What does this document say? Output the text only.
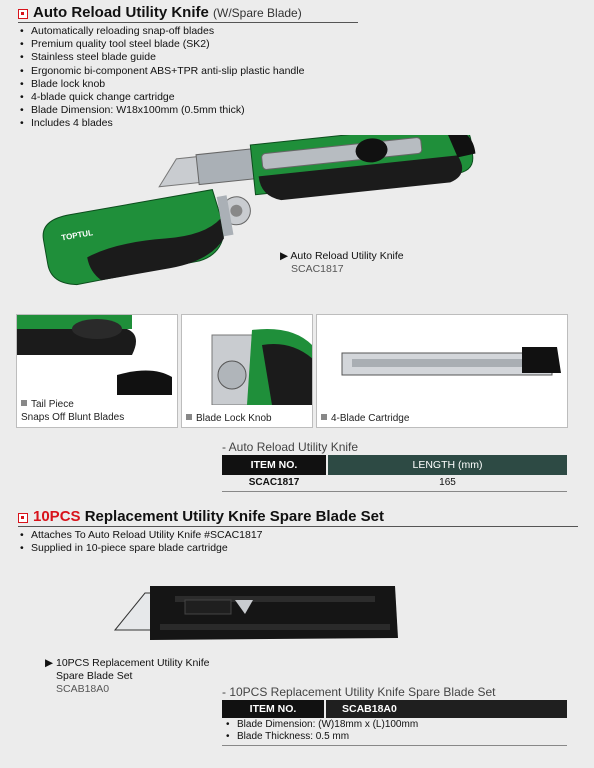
Auto Reload Utility Knife (W/Spare Blade)
• Automatically reloading snap-off blades
• Premium quality tool steel blade (SK2)
• Stainless steel blade guide
• Ergonomic bi-component ABS+TPR anti-slip plastic handle
• Blade lock knob
• 4-blade quick change cartridge
• Blade Dimension: W18x100mm (0.5mm thick)
• Includes 4 blades
TOPTUL
▶ Auto Reload Utility Knife
SCAC1817
Tail Piece
Snaps Off Blunt Blades	Blade Lock Knob	4-Blade Cartridge
- Auto Reload Utility Knife
ITEM NO.	LENGTH (mm)
SCAC1817	165
10PCS Replacement Utility Knife Spare Blade Set
• Attaches To Auto Reload Utility Knife #SCAC1817
• Supplied in 10-piece spare blade cartridge
▶ 10PCS Replacement Utility Knife
Spare Blade Set
SCAB18A0	- 10PCS Replacement Utility Knife Spare Blade Set
ITEM NO.	SCAB18A0
• Blade Dimension: (W)18mm x (L)100mm
• Blade Thickness: 0.5 mm
